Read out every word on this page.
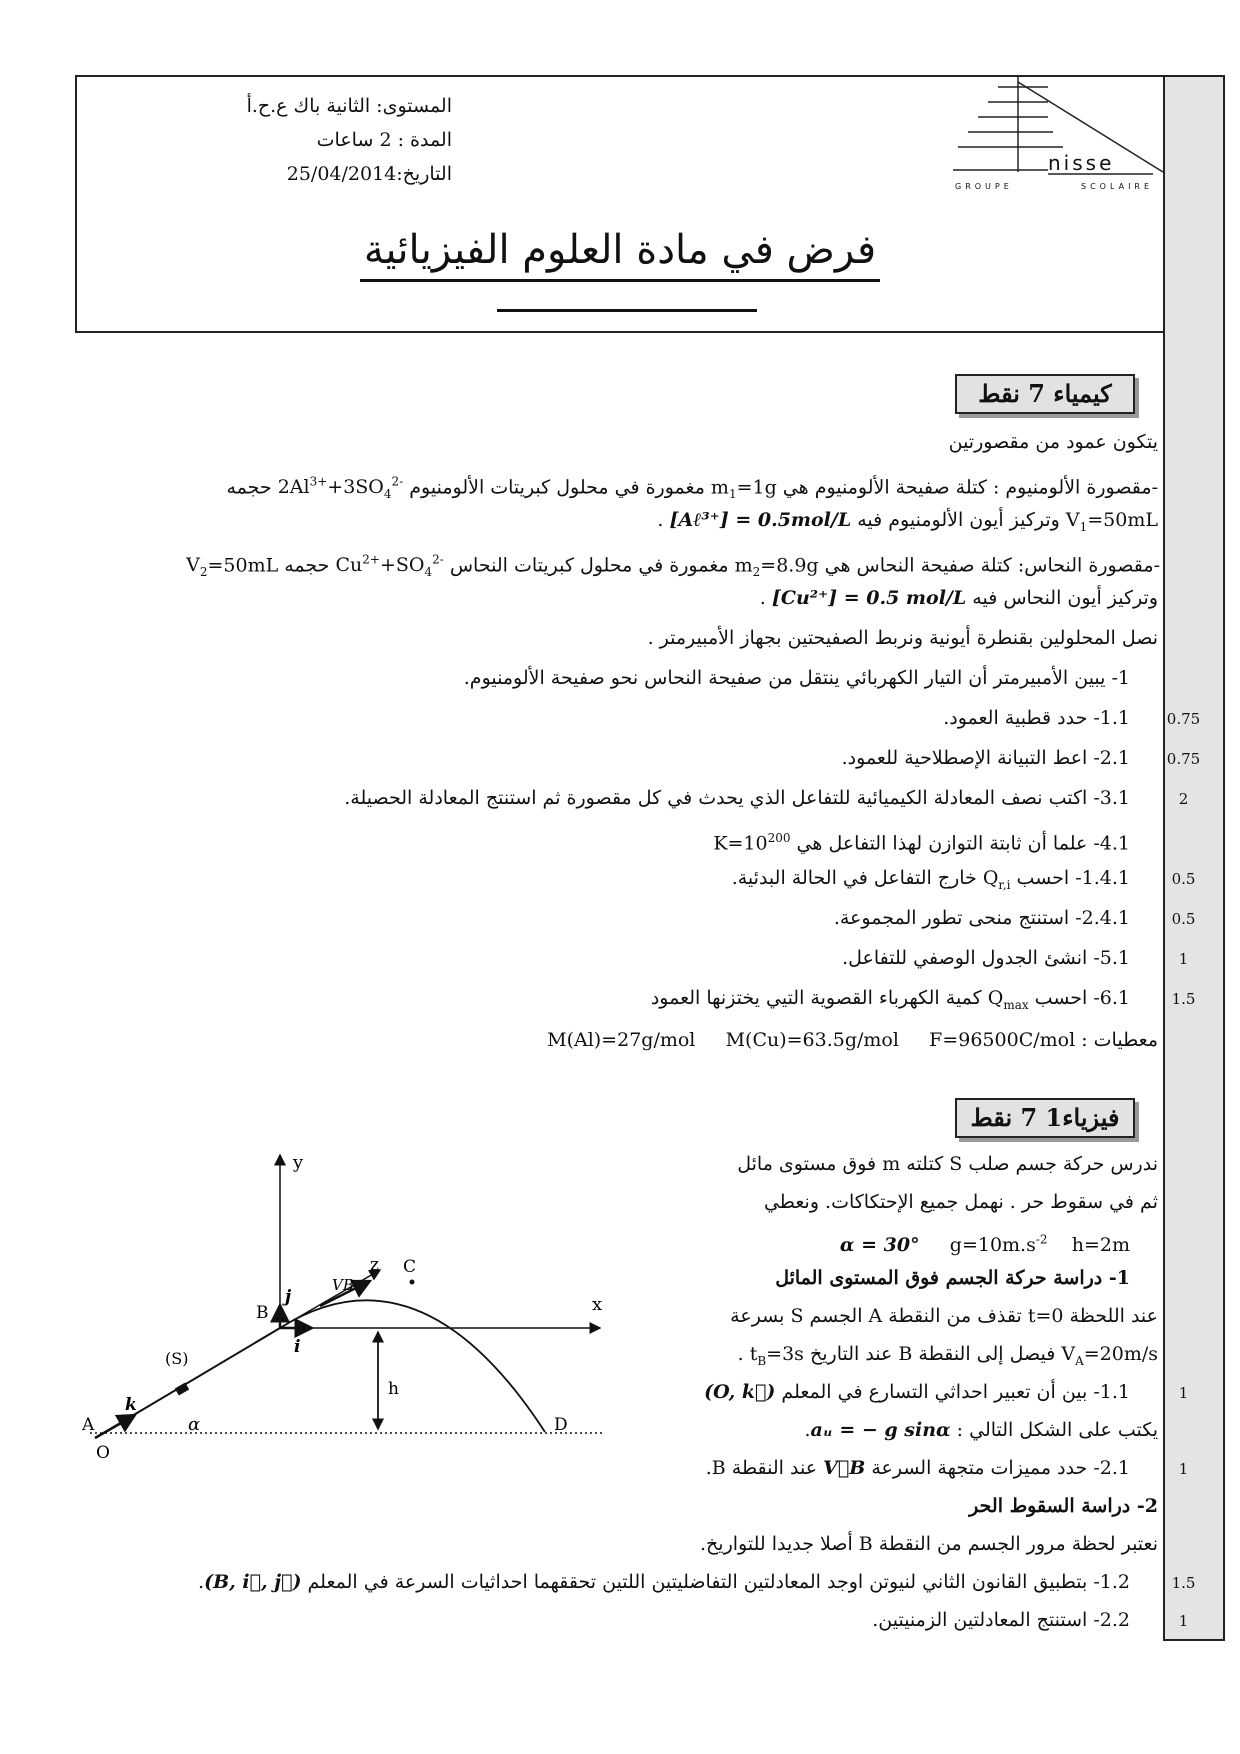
المستوى: الثانية باك ع.ح.أ
المدة : 2 ساعات
التاريخ:25/04/2014	nisse
GROUPE	SCOLAIRE
فرض في مادة العلوم الفيزيائية
كيمياء 7 نقط
يتكون عمود من مقصورتين
-مقصورة الألومنيوم : كتلة صفيحة الألومنيوم هي $m_1=1g$ مغمورة في محلول كبريتات الألومنيوم $2Al^{3+}+3SO_4^{2-}$ حجمه
$V_1=50mL$ وتركيز أيون الألومنيوم فيه [Aℓ³⁺] = 0.5mol/L .
-مقصورة النحاس: كتلة صفيحة النحاس هي $m_2=8.9g$ مغمورة في محلول كبريتات النحاس $Cu^{2+}+SO_4^{2-}$ حجمه $V_2=50mL$
وتركيز أيون النحاس فيه [Cu²⁺] = 0.5 mol/L .
نصل المحلولين بقنطرة أيونية ونربط الصفيحتين بجهاز الأمبيرمتر .
1- يبين الأمبيرمتر أن التيار الكهربائي ينتقل من صفيحة النحاس نحو صفيحة الألومنيوم.
1.1- حدد قطبية العمود.
2.1- اعط التبيانة الإصطلاحية للعمود.
3.1- اكتب نصف المعادلة الكيميائية للتفاعل الذي يحدث في كل مقصورة ثم استنتج المعادلة الحصيلة.
4.1- علما أن ثابتة التوازن لهذا التفاعل هي $K=10^{200}$
1.4.1- احسب $Q_{r,i}$ خارج التفاعل في الحالة البدئية.
2.4.1- استنتج منحى تطور المجموعة.
5.1- انشئ الجدول الوصفي للتفاعل.
6.1- احسب $Q_{max}$ كمية الكهرباء القصوية التيي يختزنها العمود
معطيات : M(Al)=27g/mol     M(Cu)=63.5g/mol     F=96500C/mol
0.75
0.75
2
0.5
0.5
1
1.5
فيزياء1 7 نقط
ندرس حركة جسم صلب S كتلته m فوق مستوى مائل
ثم في سقوط حر . نهمل جميع الإحتكاكات. ونعطي
α = 30° $g=10m.s^{-2}$ h=2m
1- دراسة حركة الجسم فوق المستوى المائل
عند اللحظة t=0 تقذف من النقطة A الجسم S بسرعة
$V_A=20m/s$ فيصل إلى النقطة B عند التاريخ $t_B=3s$ .
1.1- بين أن تعبير احداثي التسارع في المعلم (O, k⃗)
يكتب على الشكل التالي : aᵤ = − g sinα.
2.1- حدد مميزات متجهة السرعة V⃗B عند النقطة B.
2- دراسة السقوط الحر
نعتبر لحظة مرور الجسم من النقطة B أصلا جديدا للتواريخ.
1.2- بتطبيق القانون الثاني لنيوتن اوجد المعادلتين التفاضليتين اللتين تحققهما احداثيات السرعة في المعلم (B, i⃗, j⃗).
2.2- استنتج المعادلتين الزمنيتين.
1
1
1.5
1
y
x
z C
B
D
A
O
(S)
h
α
j
i
k
VB
